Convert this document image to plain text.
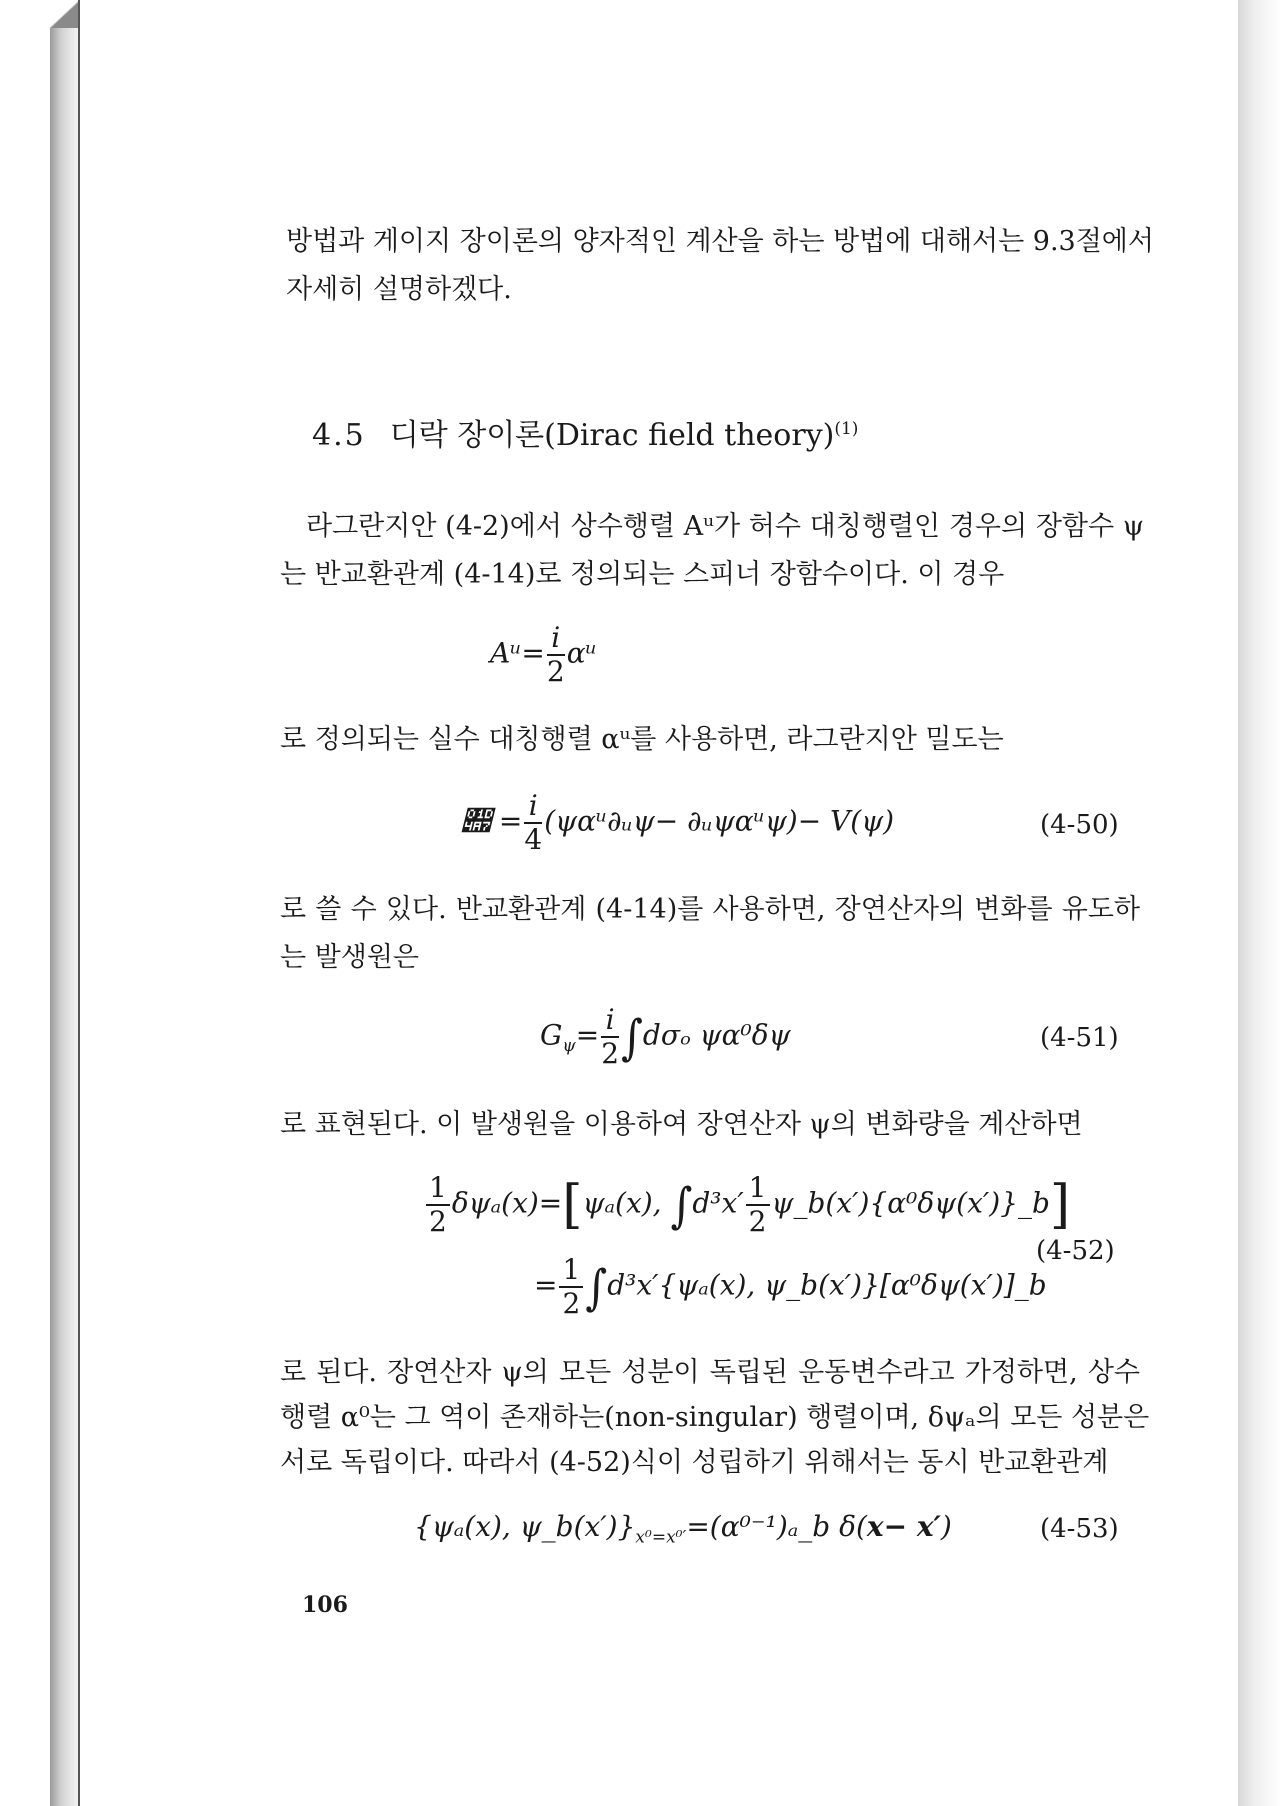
방법과 게이지 장이론의 양자적인 계산을 하는 방법에 대해서는 9.3절에서
자세히 설명하겠다.
4.5 디락 장이론(Dirac field theory)$^{(1)}$
라그란지안 (4-2)에서 상수행렬 Aᵘ가 허수 대칭행렬인 경우의 장함수 ψ
는 반교환관계 (4-14)로 정의되는 스피너 장함수이다. 이 경우
Aᵘ= $\frac{i}{2}$ αᵘ
로 정의되는 실수 대칭행렬 αᵘ를 사용하면, 라그란지안 밀도는
𝒧 = $\frac{i}{4}$ (ψαᵘ∂ᵤψ− ∂ᵤψαᵘψ)− V(ψ)	(4-50)
로 쓸 수 있다. 반교환관계 (4-14)를 사용하면, 장연산자의 변화를 유도하
는 발생원은
$G_\psi= \frac{i}{2} \int d\sigma_o$ ψα⁰δψ	(4-51)
로 표현된다. 이 발생원을 이용하여 장연산자 ψ의 변화량을 계산하면
$\frac{1}{2} \delta\psi_a(x)=[\psi_a(x)$, $\int d^3x' \frac{1}{2}$ ψ_b(x′){α⁰δψ(x′)}_b]
= $\frac{1}{2} \int d^3x'\{\psi_a(x)$, ψ_b(x′)}[α⁰δψ(x′)]_b
(4-52)
로 된다. 장연산자 ψ의 모든 성분이 독립된 운동변수라고 가정하면, 상수
행렬 α⁰는 그 역이 존재하는(non-singular) 행렬이며, δψₐ의 모든 성분은
서로 독립이다. 따라서 (4-52)식이 성립하기 위해서는 동시 반교환관계
{ψₐ(x), $\psi\_b(x')\}_{x^0=x^0'}=(\alpha^{0-1})_a\_b$ δ(x− x′)	(4-53)
106
